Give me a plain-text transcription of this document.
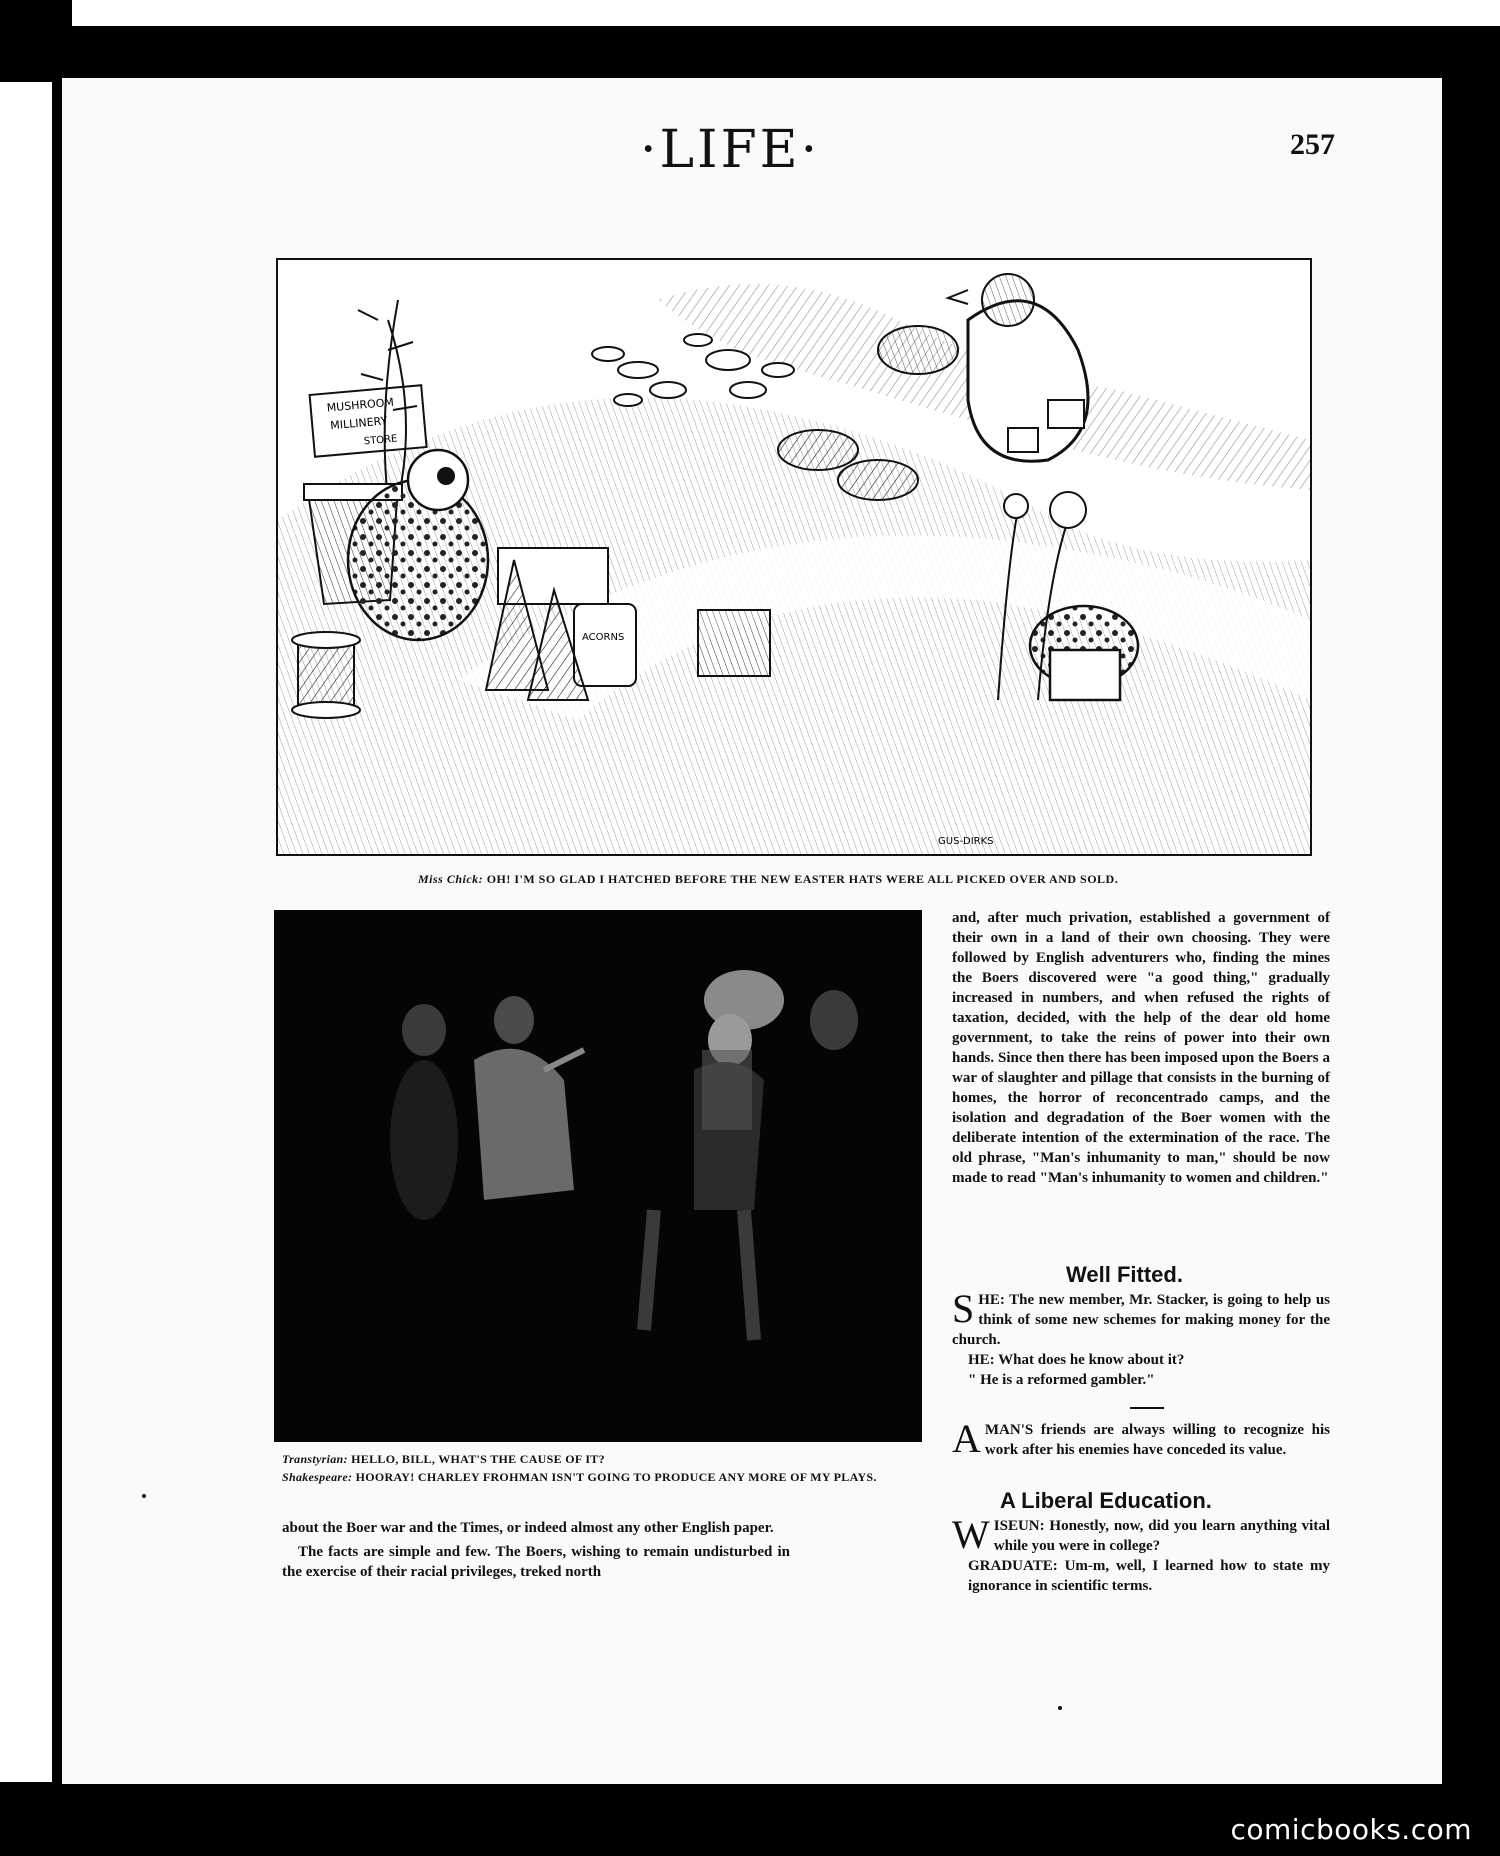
comicbooks.com
·LIFE·	257
MUSHROOM
MILLINERY
STORE
ACORNS
GUS-DIRKS
Miss Chick: OH! I'M SO GLAD I HATCHED BEFORE THE NEW EASTER HATS WERE ALL PICKED OVER AND SOLD.
Transtyrian: HELLO, BILL, WHAT'S THE CAUSE OF IT?
Shakespeare: HOORAY! CHARLEY FROHMAN ISN'T GOING TO PRODUCE ANY MORE OF MY PLAYS.

about the Boer war and the Times, or indeed almost any other English paper.

The facts are simple and few. The Boers, wishing to remain undisturbed in the exercise of their racial privileges, treked north

and, after much privation, established a government of their own in a land of their own choosing. They were followed by English adventurers who, finding the mines the Boers discovered were "a good thing," gradually increased in numbers, and when refused the rights of taxation, decided, with the help of the dear old home government, to take the reins of power into their own hands. Since then there has been imposed upon the Boers a war of slaughter and pillage that consists in the burning of homes, the horror of reconcentrado camps, and the isolation and degradation of the Boer women with the deliberate intention of the extermination of the race. The old phrase, "Man's inhumanity to man," should be now made to read "Man's inhumanity to women and children."
Well Fitted.

SHE: The new member, Mr. Stacker, is going to help us think of some new schemes for making money for the church.

HE: What does he know about it?

" He is a reformed gambler."

AMAN'S friends are always willing to recognize his work after his enemies have conceded its value.

A Liberal Education.

WISEUN: Honestly, now, did you learn anything vital while you were in college?

GRADUATE: Um-m, well, I learned how to state my ignorance in scientific terms.
